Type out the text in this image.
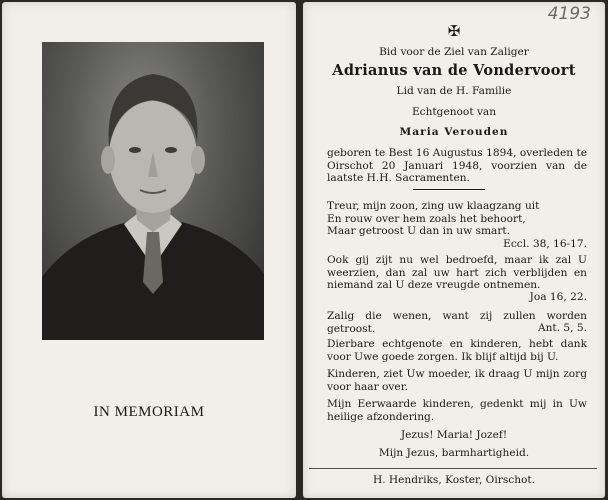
IN MEMORIAM
4193
✠
Bid voor de Ziel van Zaliger
Adrianus van de Vondervoort
Lid van de H. Familie
Echtgenoot van
Maria Verouden
geboren te Best 16 Augustus 1894, overleden te Oirschot 20 Januari 1948, voorzien van de laatste H.H. Sacramenten.
Treur, mijn zoon, zing uw klaagzang uit
En rouw over hem zoals het behoort,
Maar getroost U dan in uw smart.
Eccl. 38, 16-17.
Ook gij zijt nu wel bedroefd, maar ik zal U weerzien, dan zal uw hart zich verblijden en niemand zal U deze vreugde ontnemen.
Joa 16, 22.
Zalig die wenen, want zij zullen worden getroost.	Ant. 5, 5.
Dierbare echtgenote en kinderen, hebt dank voor Uwe goede zorgen. Ik blijf altijd bij U.
Kinderen, ziet Uw moeder, ik draag U mijn zorg voor haar over.
Mijn Eerwaarde kinderen, gedenkt mij in Uw heilige afzondering.
Jezus! Maria! Jozef!
Mijn Jezus, barmhartigheid.
H. Hendriks, Koster, Oirschot.
